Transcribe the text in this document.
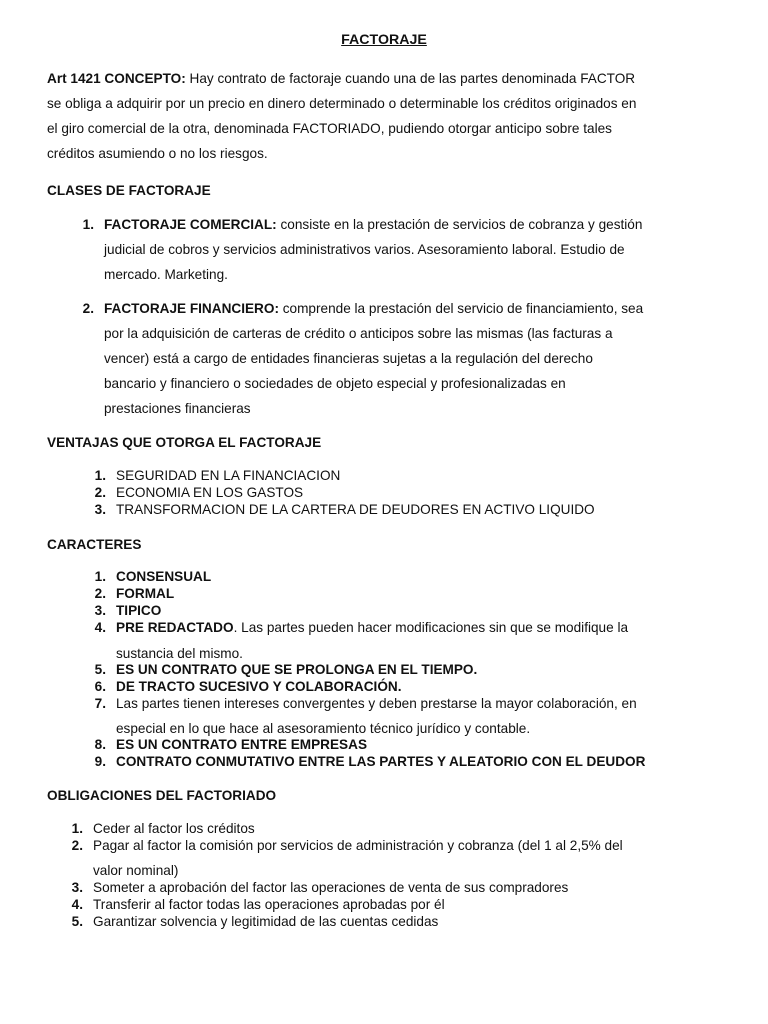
FACTORAJE
Art 1421 CONCEPTO: Hay contrato de factoraje cuando una de las partes denominada FACTOR
se obliga a adquirir por un precio en dinero determinado o determinable los créditos originados en
el giro comercial de la otra, denominada FACTORIADO, pudiendo otorgar anticipo sobre tales
créditos asumiendo o no los riesgos.
CLASES DE FACTORAJE
1. FACTORAJE COMERCIAL: consiste en la prestación de servicios de cobranza y gestión
judicial de cobros y servicios administrativos varios. Asesoramiento laboral. Estudio de
mercado. Marketing.
2. FACTORAJE FINANCIERO: comprende la prestación del servicio de financiamiento, sea
por la adquisición de carteras de crédito o anticipos sobre las mismas (las facturas a
vencer) está a cargo de entidades financieras sujetas a la regulación del derecho
bancario y financiero o sociedades de objeto especial y profesionalizadas en
prestaciones financieras
VENTAJAS QUE OTORGA EL FACTORAJE
1. SEGURIDAD EN LA FINANCIACION
2. ECONOMIA EN LOS GASTOS
3. TRANSFORMACION DE LA CARTERA DE DEUDORES EN ACTIVO LIQUIDO
CARACTERES
1. CONSENSUAL
2. FORMAL
3. TIPICO
4. PRE REDACTADO. Las partes pueden hacer modificaciones sin que se modifique la
sustancia del mismo.
5. ES UN CONTRATO QUE SE PROLONGA EN EL TIEMPO.
6. DE TRACTO SUCESIVO Y COLABORACIÓN.
7. Las partes tienen intereses convergentes y deben prestarse la mayor colaboración, en
especial en lo que hace al asesoramiento técnico jurídico y contable.
8. ES UN CONTRATO ENTRE EMPRESAS
9. CONTRATO CONMUTATIVO ENTRE LAS PARTES Y ALEATORIO CON EL DEUDOR
OBLIGACIONES DEL FACTORIADO
1. Ceder al factor los créditos
2. Pagar al factor la comisión por servicios de administración y cobranza (del 1 al 2,5% del
valor nominal)
3. Someter a aprobación del factor las operaciones de venta de sus compradores
4. Transferir al factor todas las operaciones aprobadas por él
5. Garantizar solvencia y legitimidad de las cuentas cedidas
